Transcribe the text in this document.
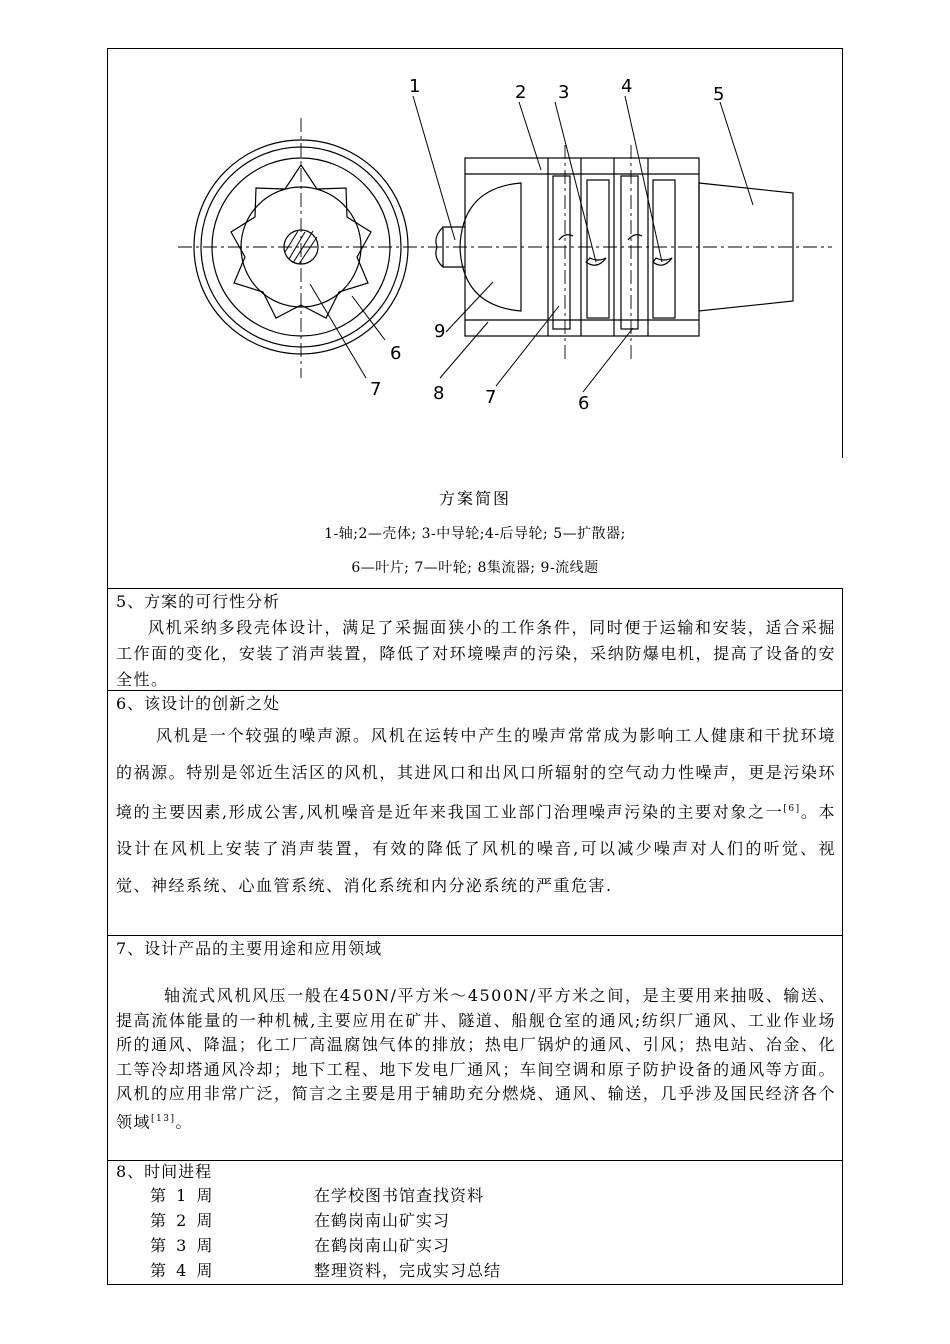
1	2 3	4	5
6
7	8 7	6
9
方案简图
1-轴;2—壳体; 3-中导轮;4-后导轮; 5—扩散器;
6—叶片; 7—叶轮; 8集流器; 9-流线题
5、方案的可行性分析
风机采纳多段壳体设计，满足了采掘面狭小的工作条件，同时便于运输和安装，适合采掘工作面的变化，安装了消声装置，降低了对环境噪声的污染，采纳防爆电机，提高了设备的安全性。
6、该设计的创新之处
风机是一个较强的噪声源。风机在运转中产生的噪声常常成为影响工人健康和干扰环境的祸源。特别是邻近生活区的风机，其进风口和出风口所辐射的空气动力性噪声，更是污染环境的主要因素,形成公害,风机噪音是近年来我国工业部门治理噪声污染的主要对象之一[6]。本设计在风机上安装了消声装置，有效的降低了风机的噪音,可以减少噪声对人们的听觉、视觉、神经系统、心血管系统、消化系统和内分泌系统的严重危害.
7、设计产品的主要用途和应用领域
轴流式风机风压一般在450N/平方米～4500N/平方米之间，是主要用来抽吸、输送、提高流体能量的一种机械,主要应用在矿井、隧道、船舰仓室的通风;纺织厂通风、工业作业场所的通风、降温；化工厂高温腐蚀气体的排放；热电厂锅炉的通风、引风；热电站、冶金、化工等冷却塔通风冷却；地下工程、地下发电厂通风；车间空调和原子防护设备的通风等方面。风机的应用非常广泛，简言之主要是用于辅助充分燃烧、通风、输送，几乎涉及国民经济各个领域[13]。
8、时间进程
第  1  周	在学校图书馆查找资料
第  2  周	在鹤岗南山矿实习
第  3  周	在鹤岗南山矿实习
第  4  周	整理资料，完成实习总结
